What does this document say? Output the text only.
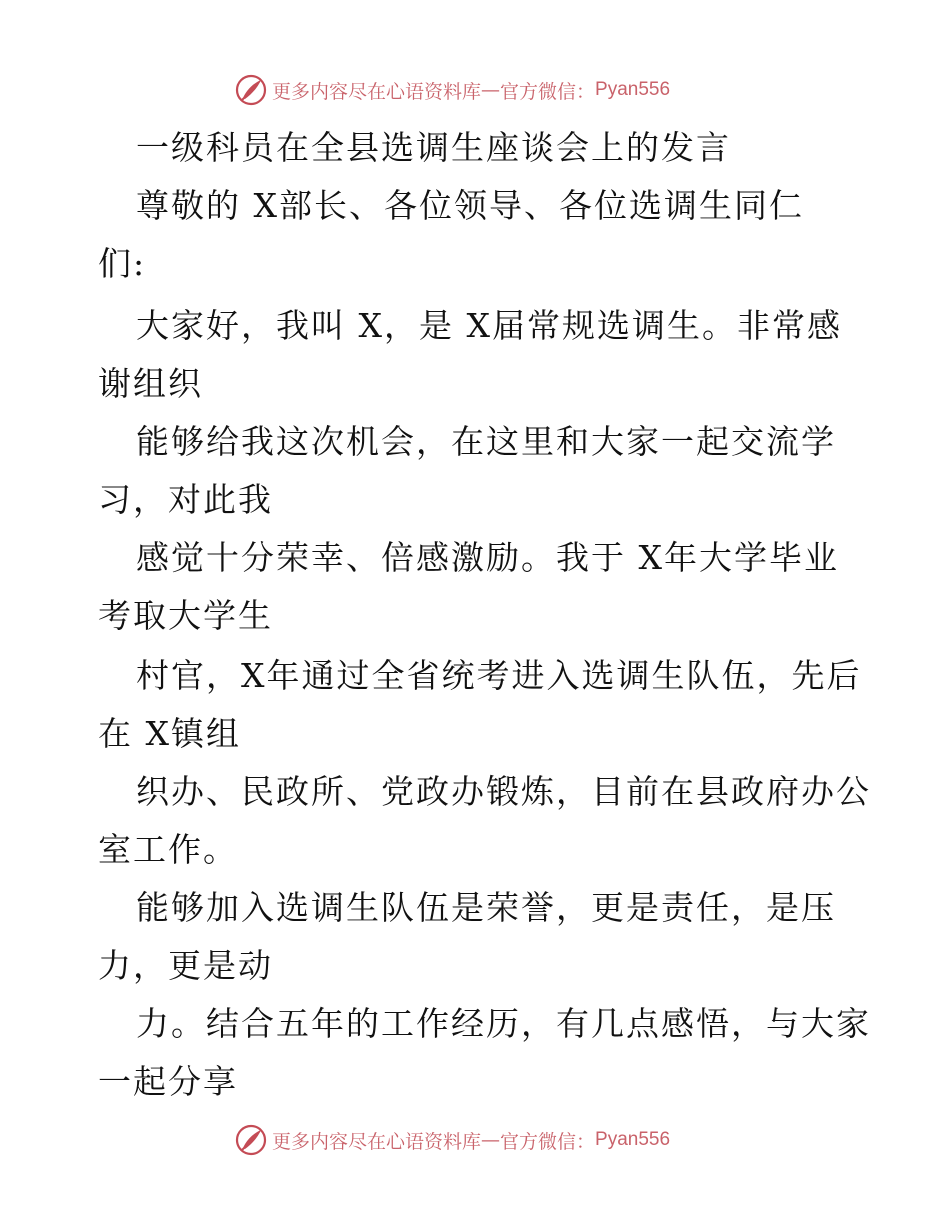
更多内容尽在心语资料库 — 官方微信： Pyan556
一级科员在全县选调生座谈会上的发言
尊敬的 X部长、各位领导、各位选调生同仁
们:
大家好，我叫 X，是 X届常规选调生。非常感
谢组织
能够给我这次机会，在这里和大家一起交流学
习，对此我
感觉十分荣幸、倍感激励。我于 X年大学毕业
考取大学生
村官，X年通过全省统考进入选调生队伍，先后
在 X镇组
织办、民政所、党政办锻炼，目前在县政府办公
室工作。
能够加入选调生队伍是荣誉，更是责任，是压
力，更是动
力。结合五年的工作经历，有几点感悟，与大家
一起分享
更多内容尽在心语资料库 — 官方微信： Pyan556
